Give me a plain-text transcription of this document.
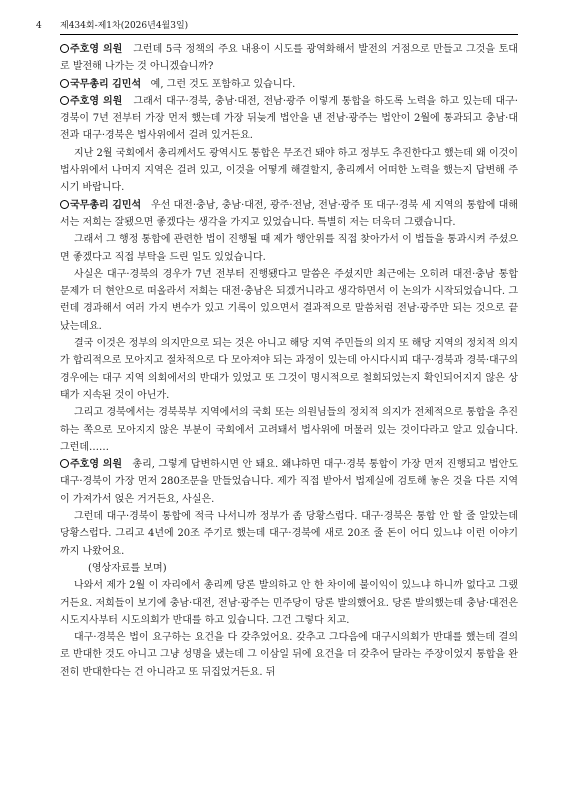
4	제434회-제1차(2026년4월3일)

주호영 의원 그런데 5극 정책의 주요 내용이 시도를 광역화해서 발전의 거점으로 만들고 그것을 토대로 발전해 나가는 것 아니겠습니까?

국무총리 김민석 예, 그런 것도 포함하고 있습니다.

주호영 의원 그래서 대구·경북, 충남·대전, 전남·광주 이렇게 통합을 하도록 노력을 하고 있는데 대구·경북이 7년 전부터 가장 먼저 했는데 가장 뒤늦게 법안을 낸 전남·광주는 법안이 2월에 통과되고 충남·대전과 대구·경북은 법사위에서 걸려 있거든요.

지난 2월 국회에서 총리께서도 광역시도 통합은 무조건 돼야 하고 정부도 추진한다고 했는데 왜 이것이 법사위에서 나머지 지역은 걸려 있고, 이것을 어떻게 해결할지, 총리께서 어떠한 노력을 했는지 답변해 주시기 바랍니다.

국무총리 김민석 우선 대전·충남, 충남·대전, 광주·전남, 전남·광주 또 대구·경북 세 지역의 통합에 대해서는 저희는 잘됐으면 좋겠다는 생각을 가지고 있었습니다. 특별히 저는 더욱더 그랬습니다.

그래서 그 행정 통합에 관련한 법이 진행될 때 제가 행안위를 직접 찾아가서 이 법들을 통과시켜 주셨으면 좋겠다고 직접 부탁을 드린 일도 있었습니다.

사실은 대구·경북의 경우가 7년 전부터 진행됐다고 말씀은 주셨지만 최근에는 오히려 대전·충남 통합 문제가 더 현안으로 떠올라서 저희는 대전·충남은 되겠거니라고 생각하면서 이 논의가 시작되었습니다. 그런데 경과해서 여러 가지 변수가 있고 기록이 있으면서 결과적으로 말씀처럼 전남·광주만 되는 것으로 끝났는데요.

결국 이것은 정부의 의지만으로 되는 것은 아니고 해당 지역 주민들의 의지 또 해당 지역의 정치적 의지가 합리적으로 모아지고 절차적으로 다 모아져야 되는 과정이 있는데 아시다시피 대구·경북과 경북·대구의 경우에는 대구 지역 의회에서의 반대가 있었고 또 그것이 명시적으로 철회되었는지 확인되어지지 않은 상태가 지속된 것이 아닌가.

그리고 경북에서는 경북북부 지역에서의 국회 또는 의원님들의 정치적 의지가 전체적으로 통합을 추진하는 쪽으로 모아지지 않은 부분이 국회에서 고려돼서 법사위에 머물러 있는 것이다라고 알고 있습니다. 그런데……

주호영 의원 총리, 그렇게 답변하시면 안 돼요. 왜냐하면 대구·경북 통합이 가장 먼저 진행되고 법안도 대구·경북이 가장 먼저 280조문을 만들었습니다. 제가 직접 받아서 법제실에 검토해 놓은 것을 다른 지역이 가져가서 얹은 거거든요, 사실은.

그런데 대구·경북이 통합에 적극 나서니까 정부가 좀 당황스럽다. 대구·경북은 통합 안 할 줄 알았는데 당황스럽다. 그리고 4년에 20조 주기로 했는데 대구·경북에 새로 20조 줄 돈이 어디 있느냐 이런 이야기까지 나왔어요.

(영상자료를 보며)

나와서 제가 2월 이 자리에서 총리께 당론 발의하고 안 한 차이에 불이익이 있느냐 하니까 없다고 그랬거든요. 저희들이 보기에 충남·대전, 전남·광주는 민주당이 당론 발의했어요. 당론 발의했는데 충남·대전은 시도지사부터 시도의회가 반대를 하고 있습니다. 그건 그렇다 치고.

대구·경북은 법이 요구하는 요건을 다 갖추었어요. 갖추고 그다음에 대구시의회가 반대를 했는데 결의로 반대한 것도 아니고 그냥 성명을 냈는데 그 이삼일 뒤에 요건을 더 갖추어 달라는 주장이었지 통합을 완전히 반대한다는 건 아니라고 또 뒤집었거든요. 뒤
